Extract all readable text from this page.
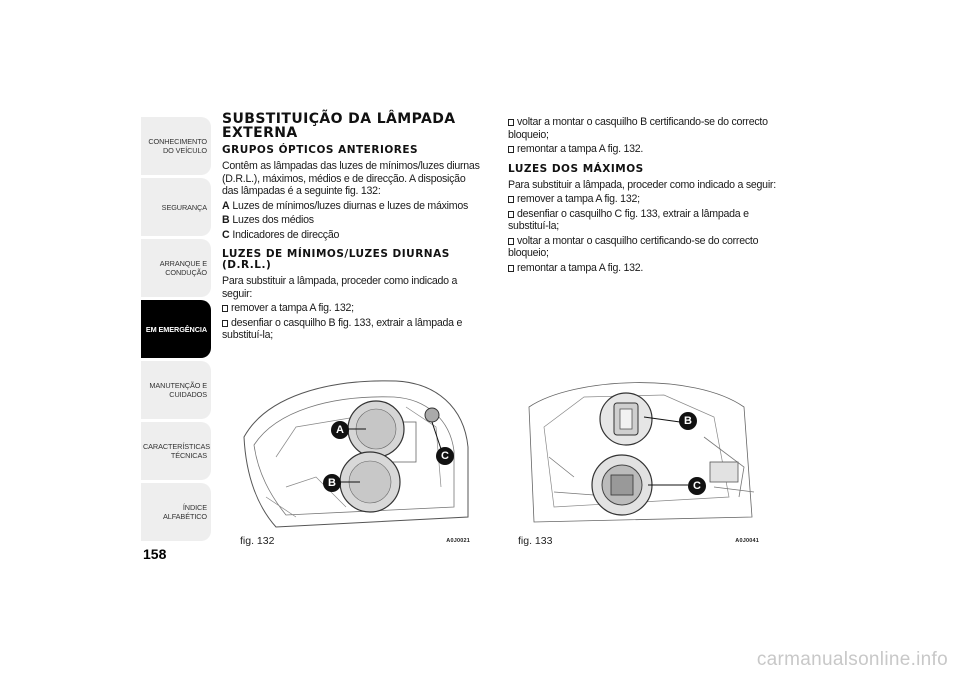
CONHECIMENTO DO VEÍCULO
SEGURANÇA
ARRANQUE E CONDUÇÃO
EM EMERGÊNCIA
MANUTENÇÃO E CUIDADOS
CARACTERÍSTICAS TÉCNICAS
ÍNDICE ALFABÉTICO
158
SUBSTITUIÇÃO DA LÂMPADA EXTERNA
GRUPOS ÓPTICOS ANTERIORES

Contêm as lâmpadas das luzes de mínimos/luzes diurnas (D.R.L.), máximos, médios e de direcção. A disposição das lâmpadas é a seguinte fig. 132:

A Luzes de mínimos/luzes diurnas e luzes de máximos
B Luzes dos médios
C Indicadores de direcção
LUZES DE MÍNIMOS/LUZES DIURNAS (D.R.L.)

Para substituir a lâmpada, proceder como indicado a seguir:

remover a tampa A fig. 132;
desenfiar o casquilho B fig. 133, extrair a lâmpada e substituí-la;
voltar a montar o casquilho B certificando-se do correcto bloqueio;
remontar a tampa A fig. 132.
LUZES DOS MÁXIMOS

Para substituir a lâmpada, proceder como indicado a seguir:

remover a tampa A fig. 132;
desenfiar o casquilho C fig. 133, extrair a lâmpada e substituí-la;
voltar a montar o casquilho certificando-se do correcto bloqueio;
remontar a tampa A fig. 132.
A
B
C
fig. 132	A0J0021
B
C
fig. 133	A0J0041
carmanualsonline.info
